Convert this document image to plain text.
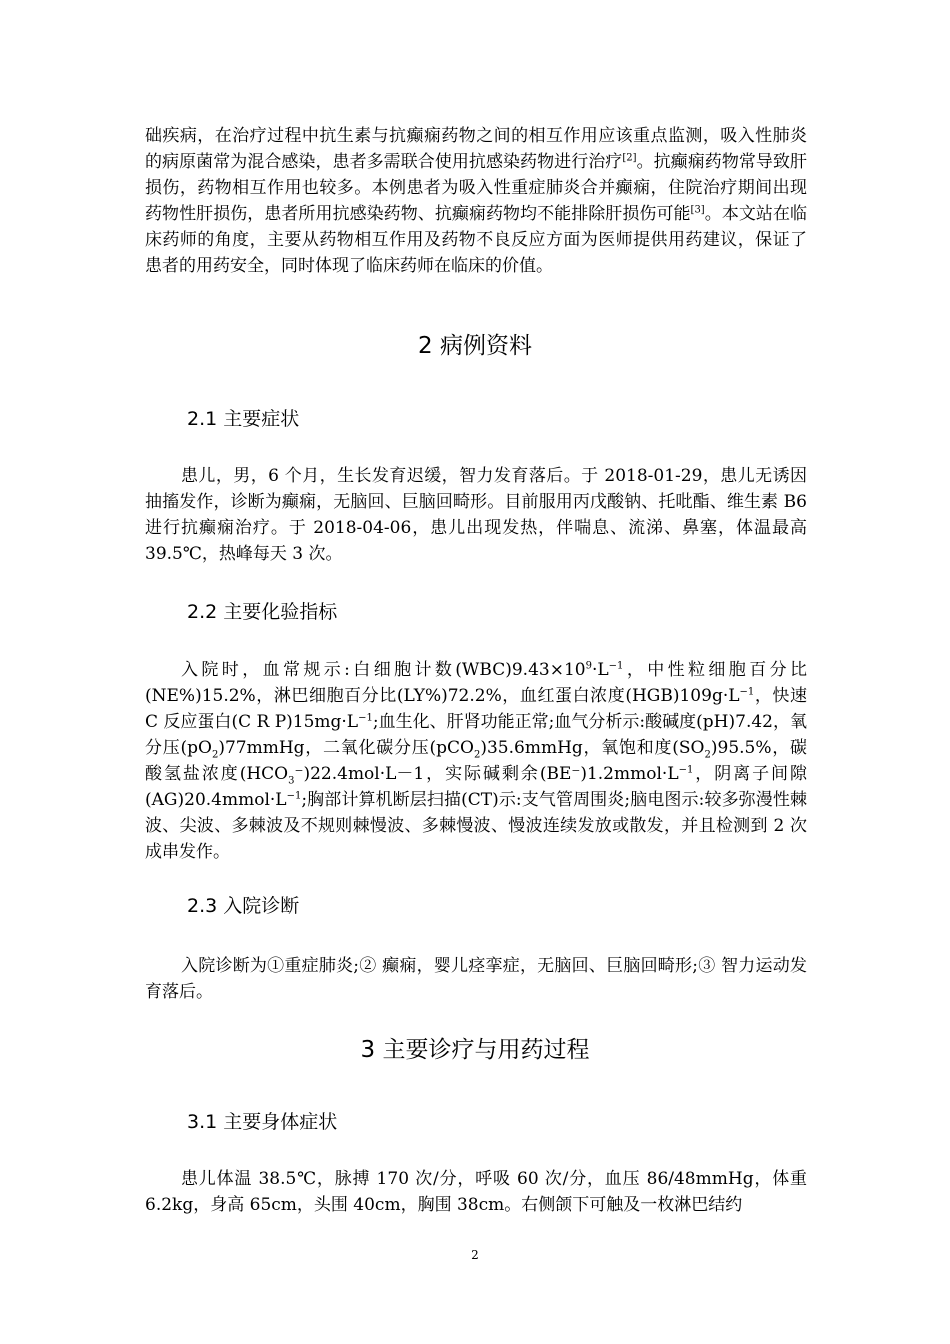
础疾病，在治疗过程中抗生素与抗癫痫药物之间的相互作用应该重点监测，吸入性肺炎的病原菌常为混合感染，患者多需联合使用抗感染药物进行治疗[2]。抗癫痫药物常导致肝损伤，药物相互作用也较多。本例患者为吸入性重症肺炎合并癫痫，住院治疗期间出现药物性肝损伤，患者所用抗感染药物、抗癫痫药物均不能排除肝损伤可能[3]。本文站在临床药师的角度，主要从药物相互作用及药物不良反应方面为医师提供用药建议，保证了患者的用药安全，同时体现了临床药师在临床的价值。

2 病例资料
2.1 主要症状

患儿，男，6 个月，生长发育迟缓，智力发育落后。于 2018-01-29，患儿无诱因抽搐发作，诊断为癫痫，无脑回、巨脑回畸形。目前服用丙戊酸钠、托吡酯、维生素 B6 进行抗癫痫治疗。于 2018-04-06，患儿出现发热，伴喘息、流涕、鼻塞，体温最高 39.5℃，热峰每天 3 次。

2.2 主要化验指标

入院时，血常规示:白细胞计数$(WBC)9.43\times 10^9\cdot L^{-1}$，中性粒细胞百分比(NE%)15.2%，淋巴细胞百分比(LY%)72.2%，血红蛋白浓度$(HGB)109g\cdot L^{-1}$，快速 C 反应蛋白(C R $P)15mg\cdot L^{-1}$;血生化、肝肾功能正常;血气分析示:酸碱度(pH)7.42，氧分压$(pO_2)77mmHg$，二氧化碳分压(pCO$_2$)35.6mmHg，氧饱和度$(SO_2)95.5\%$，碳酸氢盐浓度$(HCO_3^-)22.4mol\cdot L-1$，实际碱剩余$(BE^-)1.2mmol\cdot L^{-1}$，阴离子间隙$(AG)20.4mmol\cdot L^{-1}$;胸部计算机断层扫描(CT)示:支气管周围炎;脑电图示:较多弥漫性棘波、尖波、多棘波及不规则棘慢波、多棘慢波、慢波连续发放或散发，并且检测到 2 次成串发作。

2.3 入院诊断

入院诊断为①重症肺炎;② 癫痫，婴儿痉挛症，无脑回、巨脑回畸形;③ 智力运动发育落后。

3 主要诊疗与用药过程
3.1 主要身体症状

患儿体温 38.5℃，脉搏 170 次/分，呼吸 60 次/分，血压 86/48mmHg，体重 6.2kg，身高 65cm，头围 40cm，胸围 38cm。右侧颌下可触及一枚淋巴结约

2
